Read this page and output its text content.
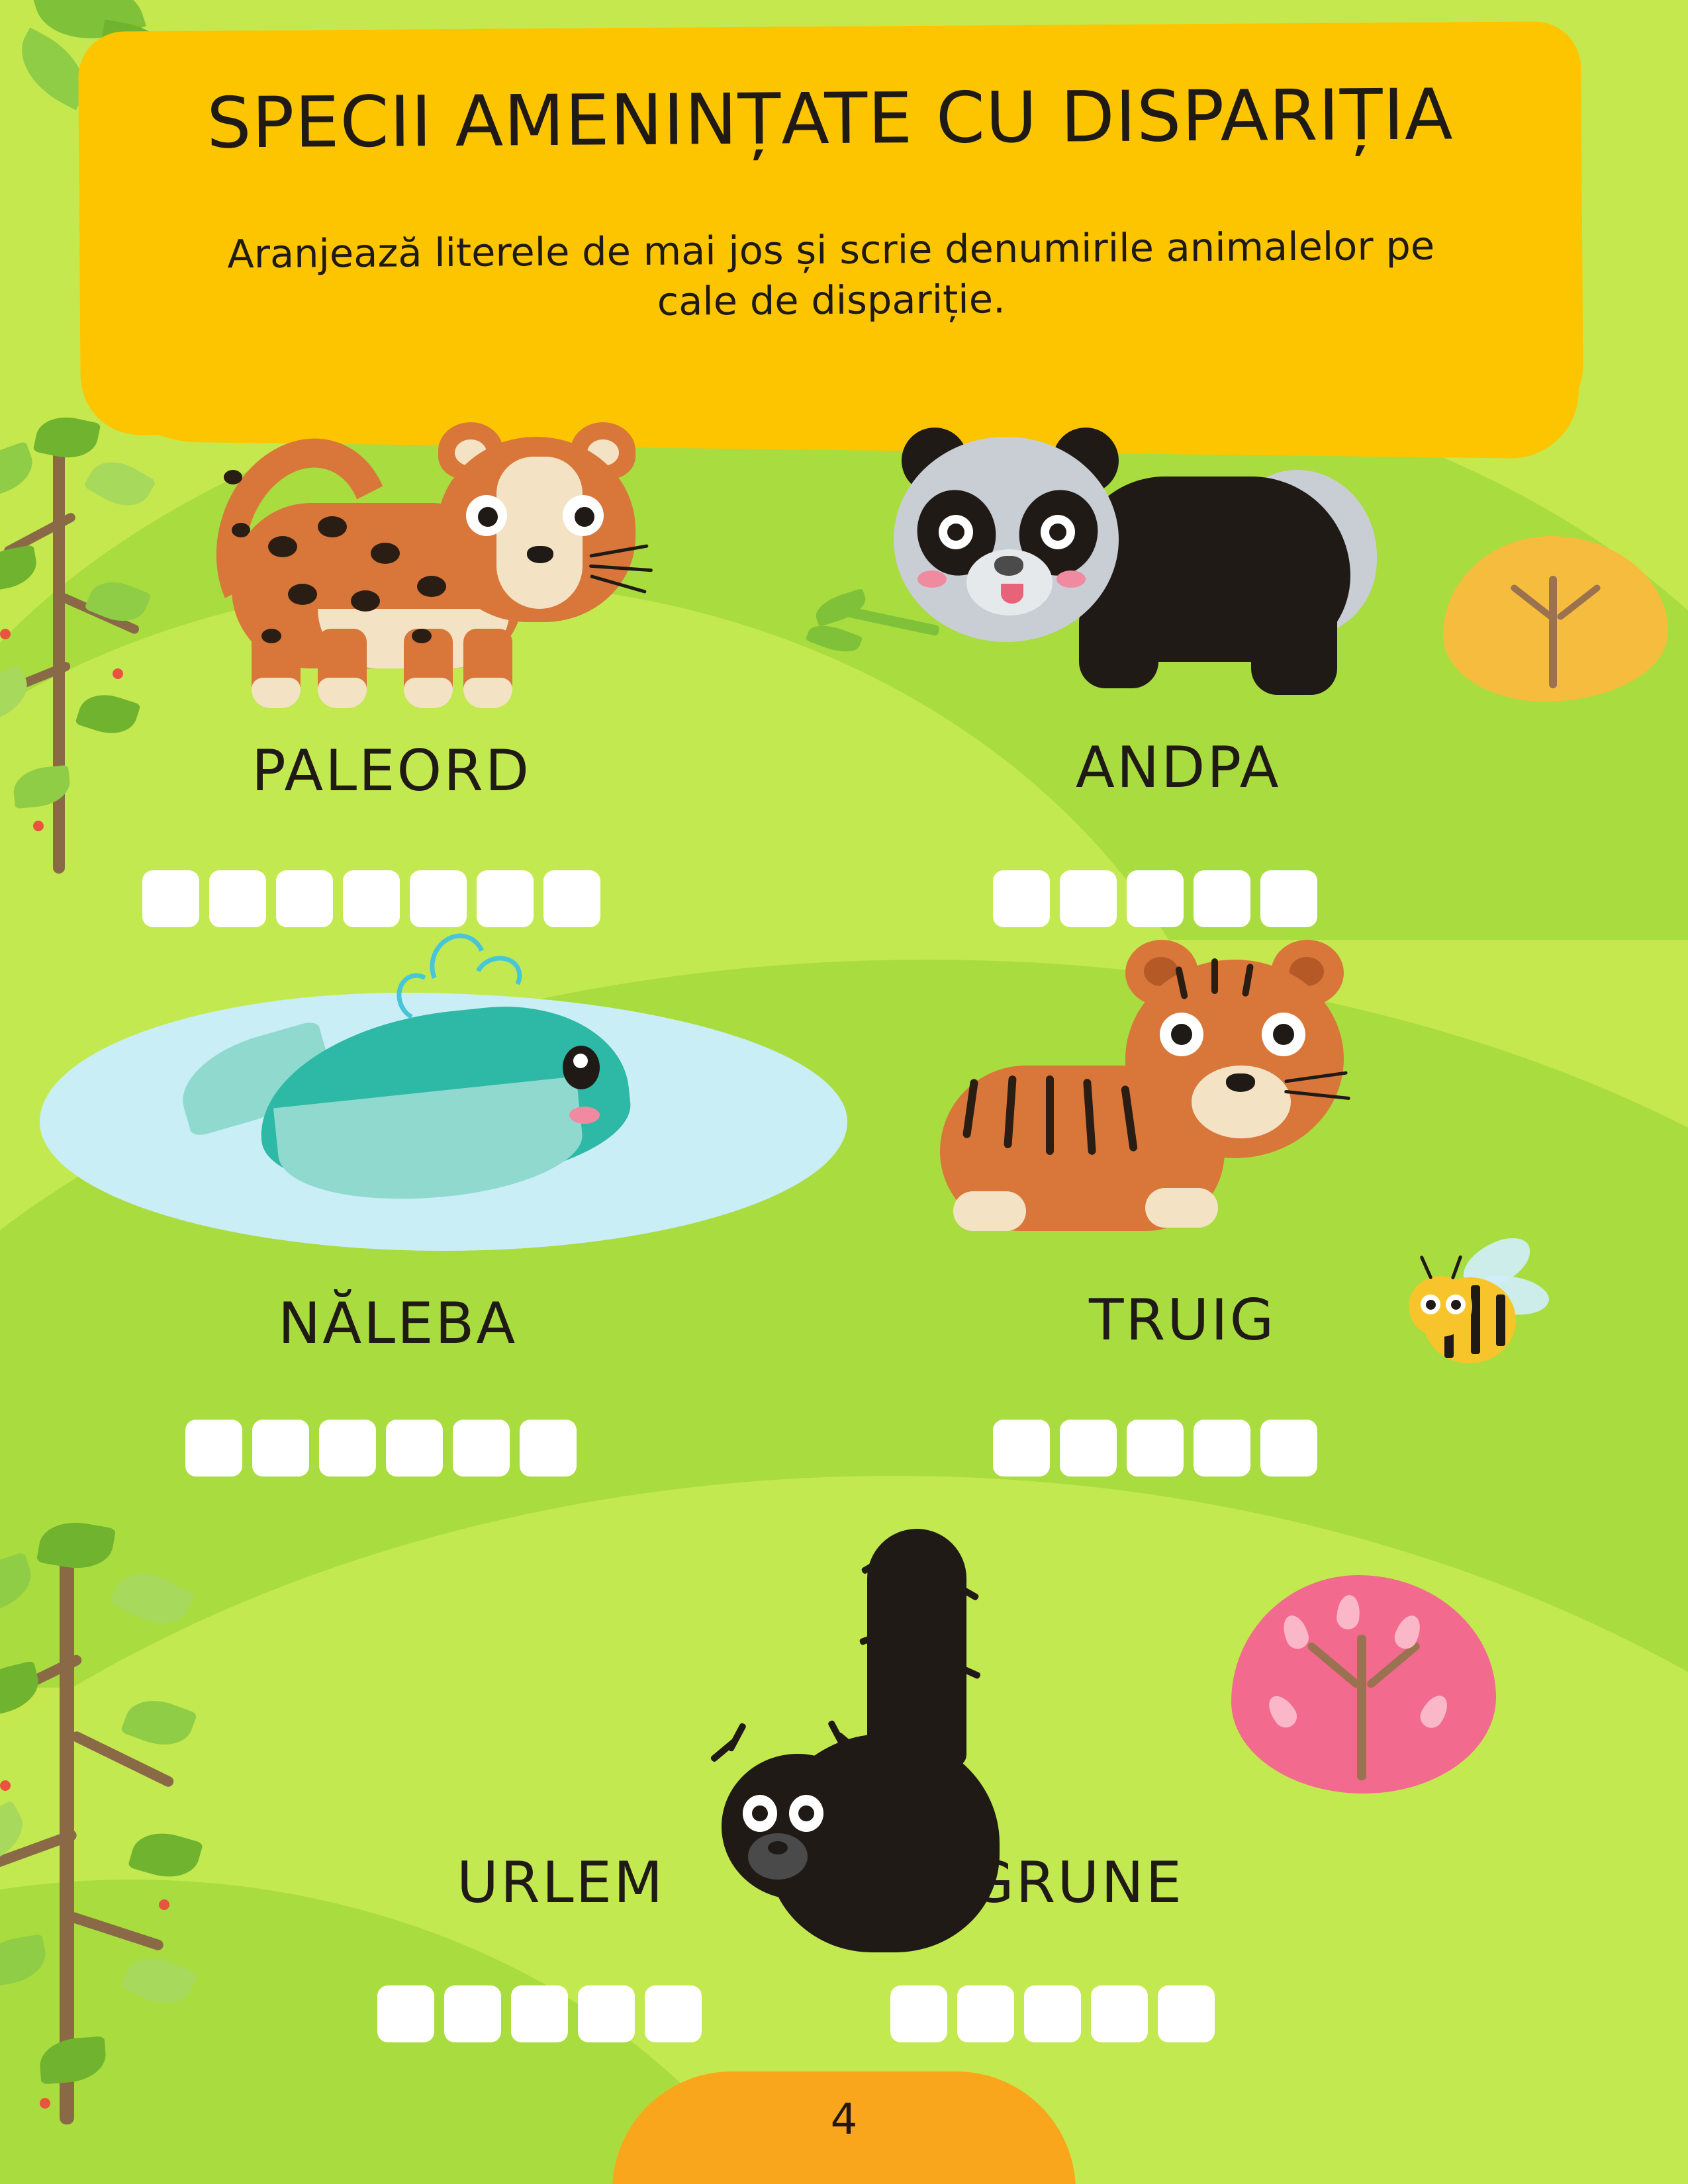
SPECII AMENINȚATE CU DISPARIȚIA
Aranjează literele de mai jos și scrie denumirile animalelor pe cale de dispariție.
PALEORD	ANDPA
NĂLEBA	TRUIG
URLEM	GRUNE
4
